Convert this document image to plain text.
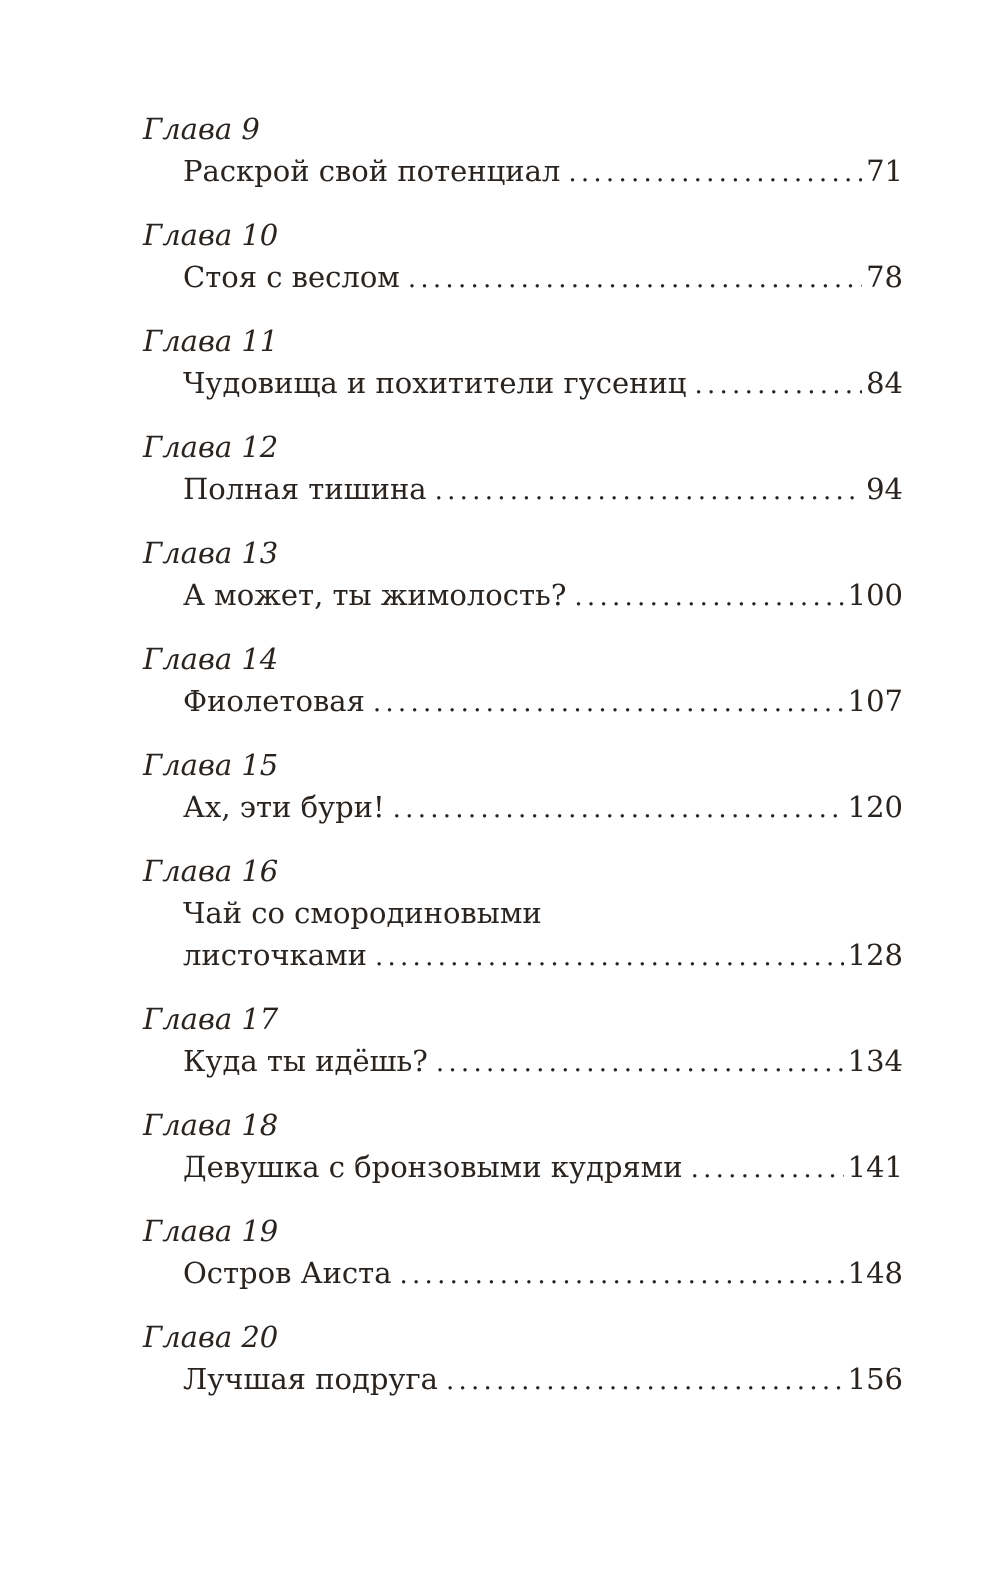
Глава 9
Раскрой свой потенциал . . .	71
Глава 10
Стоя с веслом . . .	78
Глава 11
Чудовища и похитители гусениц . . .	84
Глава 12
Полная тишина . . .	94
Глава 13
А может, ты жимолость? . . .	100
Глава 14
Фиолетовая . . .	107
Глава 15
Ах, эти бури! . . .	120
Глава 16
Чай со смородиновыми
листочками . . .	128
Глава 17
Куда ты идёшь? . . .	134
Глава 18
Девушка с бронзовыми кудрями . . .	141
Глава 19
Остров Аиста . . .	148
Глава 20
Лучшая подруга . . .	156
